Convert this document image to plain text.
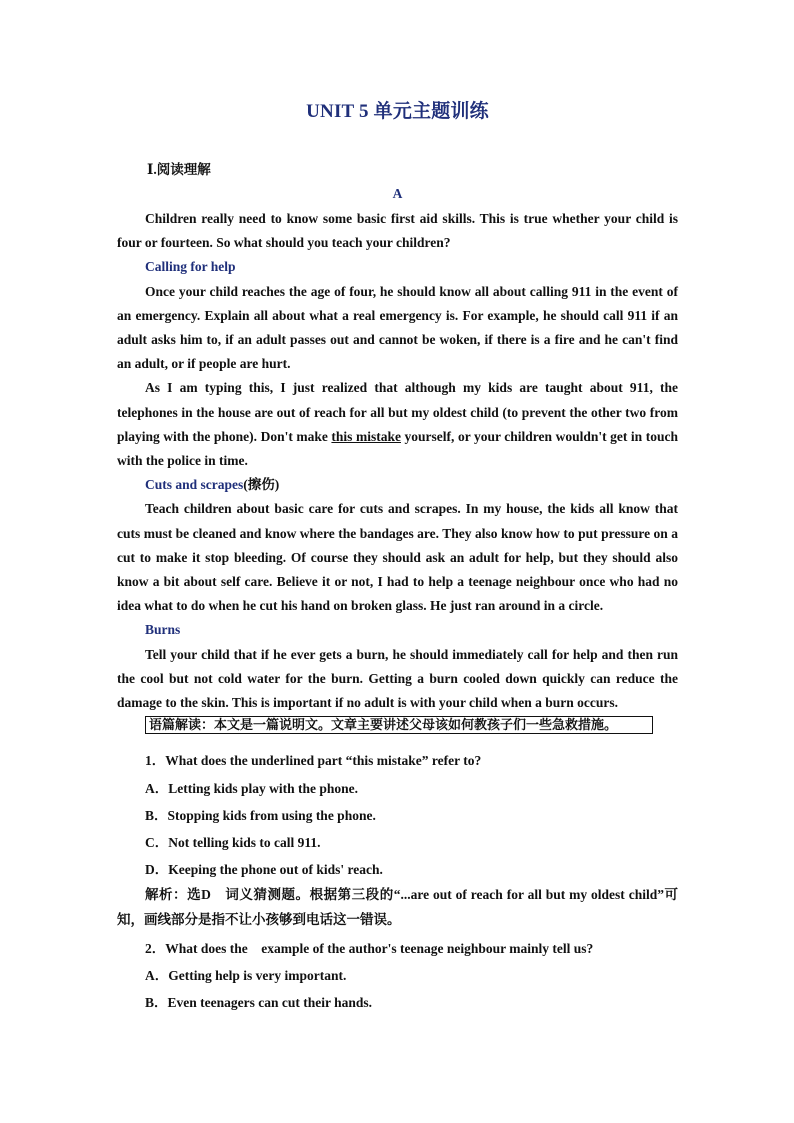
UNIT 5 单元主题训练
Ⅰ.阅读理解
A

Children really need to know some basic first aid skills. This is true whether your child is four or fourteen. So what should you teach your children?

Calling for help

Once your child reaches the age of four, he should know all about calling 911 in the event of an emergency. Explain all about what a real emergency is. For example, he should call 911 if an adult asks him to, if an adult passes out and cannot be woken, if there is a fire and he can't find an adult, or if people are hurt.

As I am typing this, I just realized that although my kids are taught about 911, the telephones in the house are out of reach for all but my oldest child (to prevent the other two from playing with the phone). Don't make this mistake yourself, or your children wouldn't get in touch with the police in time.

Cuts and scrapes(擦伤)

Teach children about basic care for cuts and scrapes. In my house, the kids all know that cuts must be cleaned and know where the bandages are. They also know how to put pressure on a cut to make it stop bleeding. Of course they should ask an adult for help, but they should also know a bit about self care. Believe it or not, I had to help a teenage neighbour once who had no idea what to do when he cut his hand on broken glass. He just ran around in a circle.

Burns

Tell your child that if he ever gets a burn, he should immediately call for help and then run the cool but not cold water for the burn. Getting a burn cooled down quickly can reduce the damage to the skin. This is important if no adult is with your child when a burn occurs.

语篇解读：本文是一篇说明文。文章主要讲述父母该如何教孩子们一些急救措施。

1．What does the underlined part “this mistake” refer to?

A．Letting kids play with the phone.

B．Stopping kids from using the phone.

C．Not telling kids to call 911.

D．Keeping the phone out of kids' reach.

解析：选D　词义猜测题。根据第三段的“...are out of reach for all but my oldest child”可知，画线部分是指不让小孩够到电话这一错误。

2．What does the　example of the author's teenage neighbour mainly tell us?

A．Getting help is very important.

B．Even teenagers can cut their hands.
